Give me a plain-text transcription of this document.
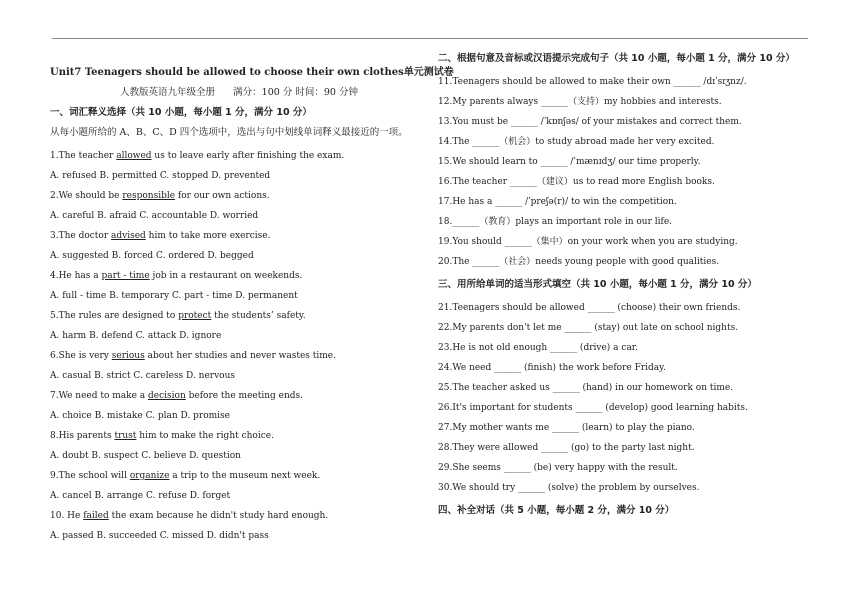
Unit7 Teenagers should be allowed to choose their own clothes单元测试卷
人教版英语九年级全册      满分：100 分 时间：90 分钟
一、词汇释义选择（共 10 小题，每小题 1 分，满分 10 分）
从每小题所给的 A、B、C、D 四个选项中，选出与句中划线单词释义最接近的一项。
1.The teacher allowed us to leave early after finishing the exam.
A. refused B. permitted C. stopped D. prevented
2.We should be responsible for our own actions.
A. careful B. afraid C. accountable D. worried
3.The doctor advised him to take more exercise.
A. suggested B. forced C. ordered D. begged
4.He has a part - time job in a restaurant on weekends.
A. full - time B. temporary C. part - time D. permanent
5.The rules are designed to protect the students’ safety.
A. harm B. defend C. attack D. ignore
6.She is very serious about her studies and never wastes time.
A. casual B. strict C. careless D. nervous
7.We need to make a decision before the meeting ends.
A. choice B. mistake C. plan D. promise
8.His parents trust him to make the right choice.
A. doubt B. suspect C. believe D. question
9.The school will organize a trip to the museum next week.
A. cancel B. arrange C. refuse D. forget
10. He failed the exam because he didn't study hard enough.
A. passed B. succeeded C. missed D. didn't pass
二、根据句意及音标或汉语提示完成句子（共 10 小题，每小题 1 分，满分 10 分）
11.Teenagers should be allowed to make their own ______ /dɪˈsɪʒnz/.
12.My parents always ______（支持）my hobbies and interests.
13.You must be ______ /ˈkɒnʃəs/ of your mistakes and correct them.
14.The ______（机会）to study abroad made her very excited.
15.We should learn to ______ /ˈmænɪdʒ/ our time properly.
16.The teacher ______（建议）us to read more English books.
17.He has a ______ /ˈpreʃə(r)/ to win the competition.
18.______（教育）plays an important role in our life.
19.You should ______（集中）on your work when you are studying.
20.The ______（社会）needs young people with good qualities.
三、用所给单词的适当形式填空（共 10 小题，每小题 1 分，满分 10 分）
21.Teenagers should be allowed ______ (choose) their own friends.
22.My parents don't let me ______ (stay) out late on school nights.
23.He is not old enough ______ (drive) a car.
24.We need ______ (finish) the work before Friday.
25.The teacher asked us ______ (hand) in our homework on time.
26.It's important for students ______ (develop) good learning habits.
27.My mother wants me ______ (learn) to play the piano.
28.They were allowed ______ (go) to the party last night.
29.She seems ______ (be) very happy with the result.
30.We should try ______ (solve) the problem by ourselves.
四、补全对话（共 5 小题，每小题 2 分，满分 10 分）
